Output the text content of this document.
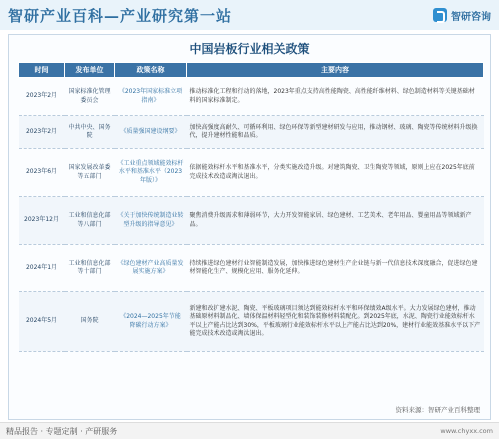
智研产业百科—产业研究第一站	智研咨询
中国岩板行业相关政策
时间	发布单位	政策名称	主要内容
2023年2月	国家标准化管理委员会	《2023年国家标准立项指南》	推动标准化工程和行动的落地，2023年重点支持高性能陶瓷、高性能纤维材料、绿色制造材料等关键基础材料的国家标准制定。
2023年2月	中共中央、国务院	《质量强国建设纲要》	加快高强度高耐久、可循环利用、绿色环保等新型建材研发与应用，推动钢材、玻璃、陶瓷等传统材料升级换代，提升建材性能和品质。
2023年6月	国家发展改革委等五部门	《工业重点领域能效标杆水平和基准水平（2023年版）》	依据能效标杆水平和基准水平，分类实施改造升级。对建筑陶瓷、卫生陶瓷等领域，原则上应在2025年底前完成技术改造或淘汰退出。
2023年12月	工业和信息化部等八部门	《关于加快传统制造业转型升级的指导意见》	聚焦消费升级需求和薄弱环节，大力开发智能家居、绿色建材、工艺美术、老年用品、婴童用品等领域新产品。
2024年1月	工业和信息化部等十部门	《绿色建材产业高质量发展实施方案》	持续推进绿色建材行业智能制造发展，加快推进绿色建材生产企业链与新一代信息技术深度融合，促进绿色建材智能化生产、规模化应用、服务化延伸。
2024年5月	国务院	《2024—2025年节能降碳行动方案》	新建和改扩建水泥、陶瓷、平板玻璃项目须达到能效标杆水平和环保绩效A级水平。大力发展绿色建材，推动基础原材料制品化、墙体保温材料轻型化和装饰装修材料装配化。到2025年底，水泥、陶瓷行业能效标杆水平以上产能占比达到30%，平板玻璃行业能效标杆水平以上产能占比达到20%，建材行业能效基准水平以下产能完成技术改造或淘汰退出。
资料来源：智研产业百科整理
精品报告 · 专题定制 · 产研服务	www.chyxx.com
